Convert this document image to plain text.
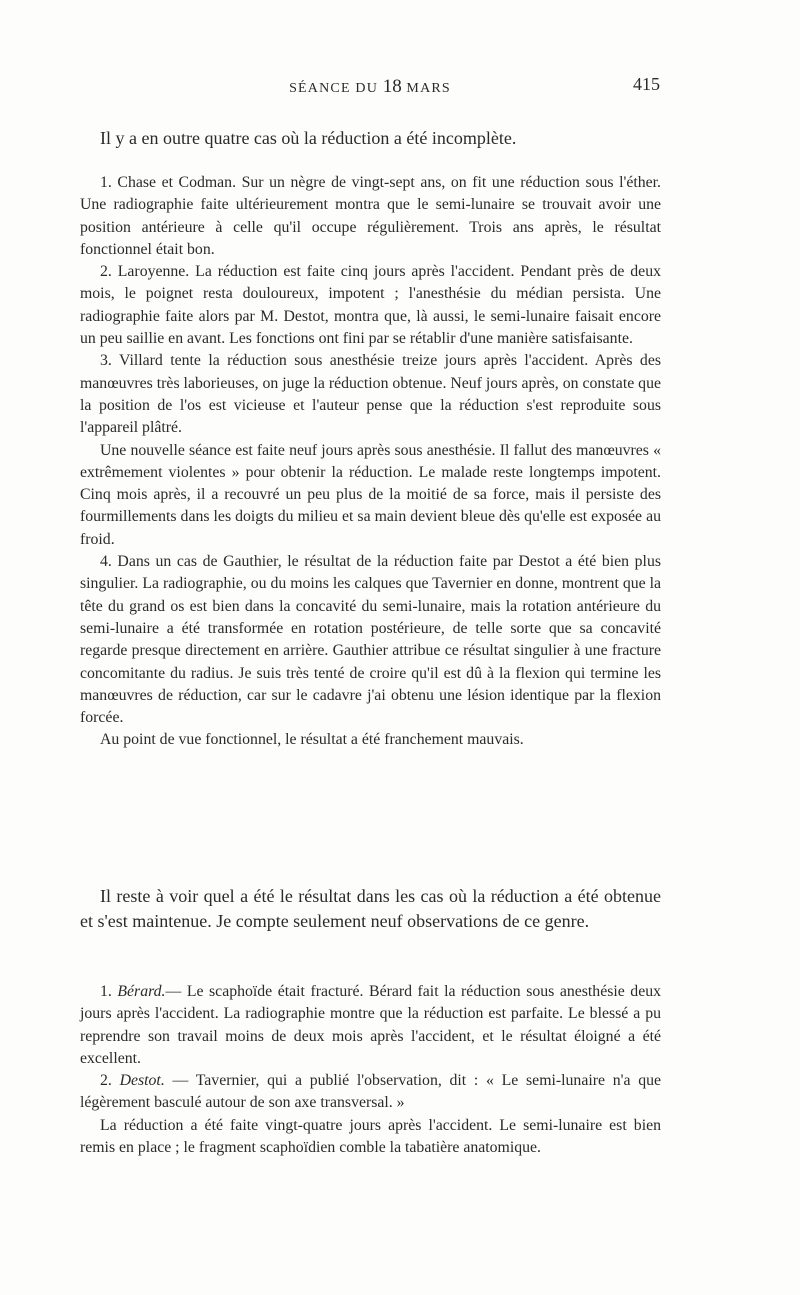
SÉANCE DU 18 MARS	415

Il y a en outre quatre cas où la réduction a été incomplète.

1. Chase et Codman. Sur un nègre de vingt-sept ans, on fit une réduction sous l'éther. Une radiographie faite ultérieurement montra que le semi-lunaire se trouvait avoir une position antérieure à celle qu'il occupe régulièrement. Trois ans après, le résultat fonctionnel était bon.

2. Laroyenne. La réduction est faite cinq jours après l'accident. Pendant près de deux mois, le poignet resta douloureux, impotent ; l'anesthésie du médian persista. Une radiographie faite alors par M. Destot, montra que, là aussi, le semi-lunaire faisait encore un peu saillie en avant. Les fonctions ont fini par se rétablir d'une manière satisfaisante.

3. Villard tente la réduction sous anesthésie treize jours après l'accident. Après des manœuvres très laborieuses, on juge la réduction obtenue. Neuf jours après, on constate que la position de l'os est vicieuse et l'auteur pense que la réduction s'est reproduite sous l'appareil plâtré.

Une nouvelle séance est faite neuf jours après sous anesthésie. Il fallut des manœuvres « extrêmement violentes » pour obtenir la réduction. Le malade reste longtemps impotent. Cinq mois après, il a recouvré un peu plus de la moitié de sa force, mais il persiste des fourmillements dans les doigts du milieu et sa main devient bleue dès qu'elle est exposée au froid.

4. Dans un cas de Gauthier, le résultat de la réduction faite par Destot a été bien plus singulier. La radiographie, ou du moins les calques que Tavernier en donne, montrent que la tête du grand os est bien dans la concavité du semi-lunaire, mais la rotation antérieure du semi-lunaire a été transformée en rotation postérieure, de telle sorte que sa concavité regarde presque directement en arrière. Gauthier attribue ce résultat singulier à une fracture concomitante du radius. Je suis très tenté de croire qu'il est dû à la flexion qui termine les manœuvres de réduction, car sur le cadavre j'ai obtenu une lésion identique par la flexion forcée.

Au point de vue fonctionnel, le résultat a été franchement mauvais.

Il reste à voir quel a été le résultat dans les cas où la réduction a été obtenue et s'est maintenue. Je compte seulement neuf observations de ce genre.

1. Bérard.— Le scaphoïde était fracturé. Bérard fait la réduction sous anesthésie deux jours après l'accident. La radiographie montre que la réduction est parfaite. Le blessé a pu reprendre son travail moins de deux mois après l'accident, et le résultat éloigné a été excellent.

2. Destot. — Tavernier, qui a publié l'observation, dit : « Le semi-lunaire n'a que légèrement basculé autour de son axe transversal. »

La réduction a été faite vingt-quatre jours après l'accident. Le semi-lunaire est bien remis en place ; le fragment scaphoïdien comble la tabatière anatomique.
